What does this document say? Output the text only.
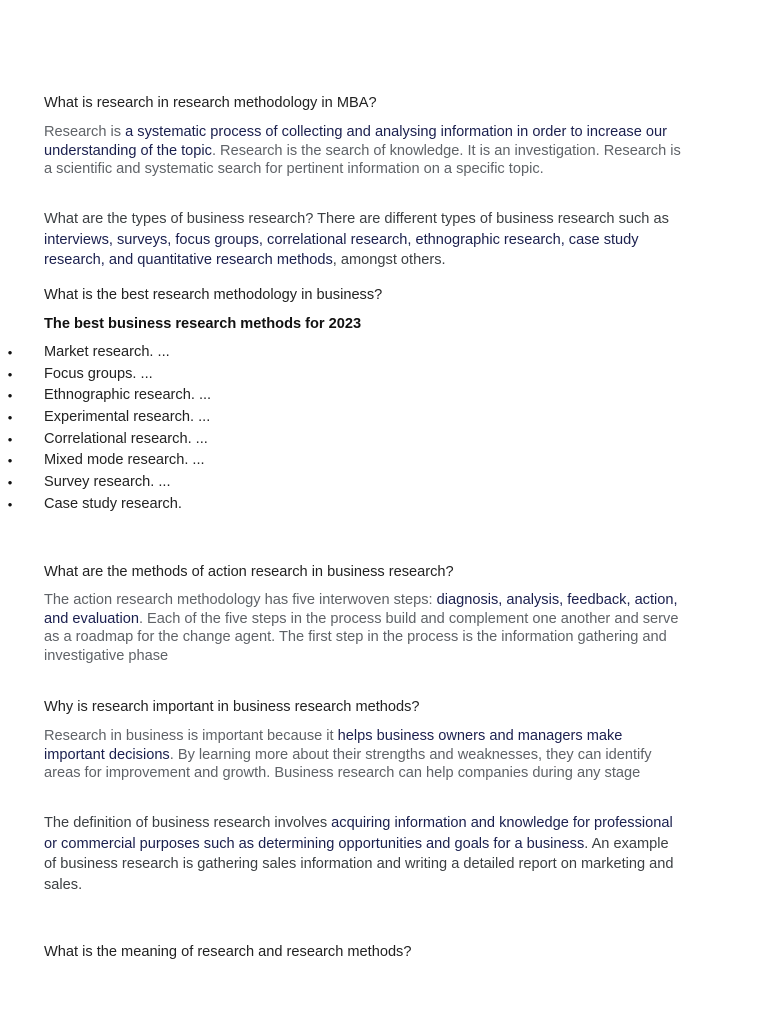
What is research in research methodology in MBA?

Research is a systematic process of collecting and analysing information in order to increase our understanding of the topic. Research is the search of knowledge. It is an investigation. Research is a scientific and systematic search for pertinent information on a specific topic.

What are the types of business research? There are different types of business research such as interviews, surveys, focus groups, correlational research, ethnographic research, case study research, and quantitative research methods, amongst others.

What is the best research methodology in business?

The best business research methods for 2023

• Market research. ...
• Focus groups. ...
• Ethnographic research. ...
• Experimental research. ...
• Correlational research. ...
• Mixed mode research. ...
• Survey research. ...
• Case study research.

What are the methods of action research in business research?

The action research methodology has five interwoven steps: diagnosis, analysis, feedback, action, and evaluation. Each of the five steps in the process build and complement one another and serve as a roadmap for the change agent. The first step in the process is the information gathering and investigative phase

Why is research important in business research methods?

Research in business is important because it helps business owners and managers make important decisions. By learning more about their strengths and weaknesses, they can identify areas for improvement and growth. Business research can help companies during any stage

The definition of business research involves acquiring information and knowledge for professional or commercial purposes such as determining opportunities and goals for a business. An example of business research is gathering sales information and writing a detailed report on marketing and sales.

What is the meaning of research and research methods?
